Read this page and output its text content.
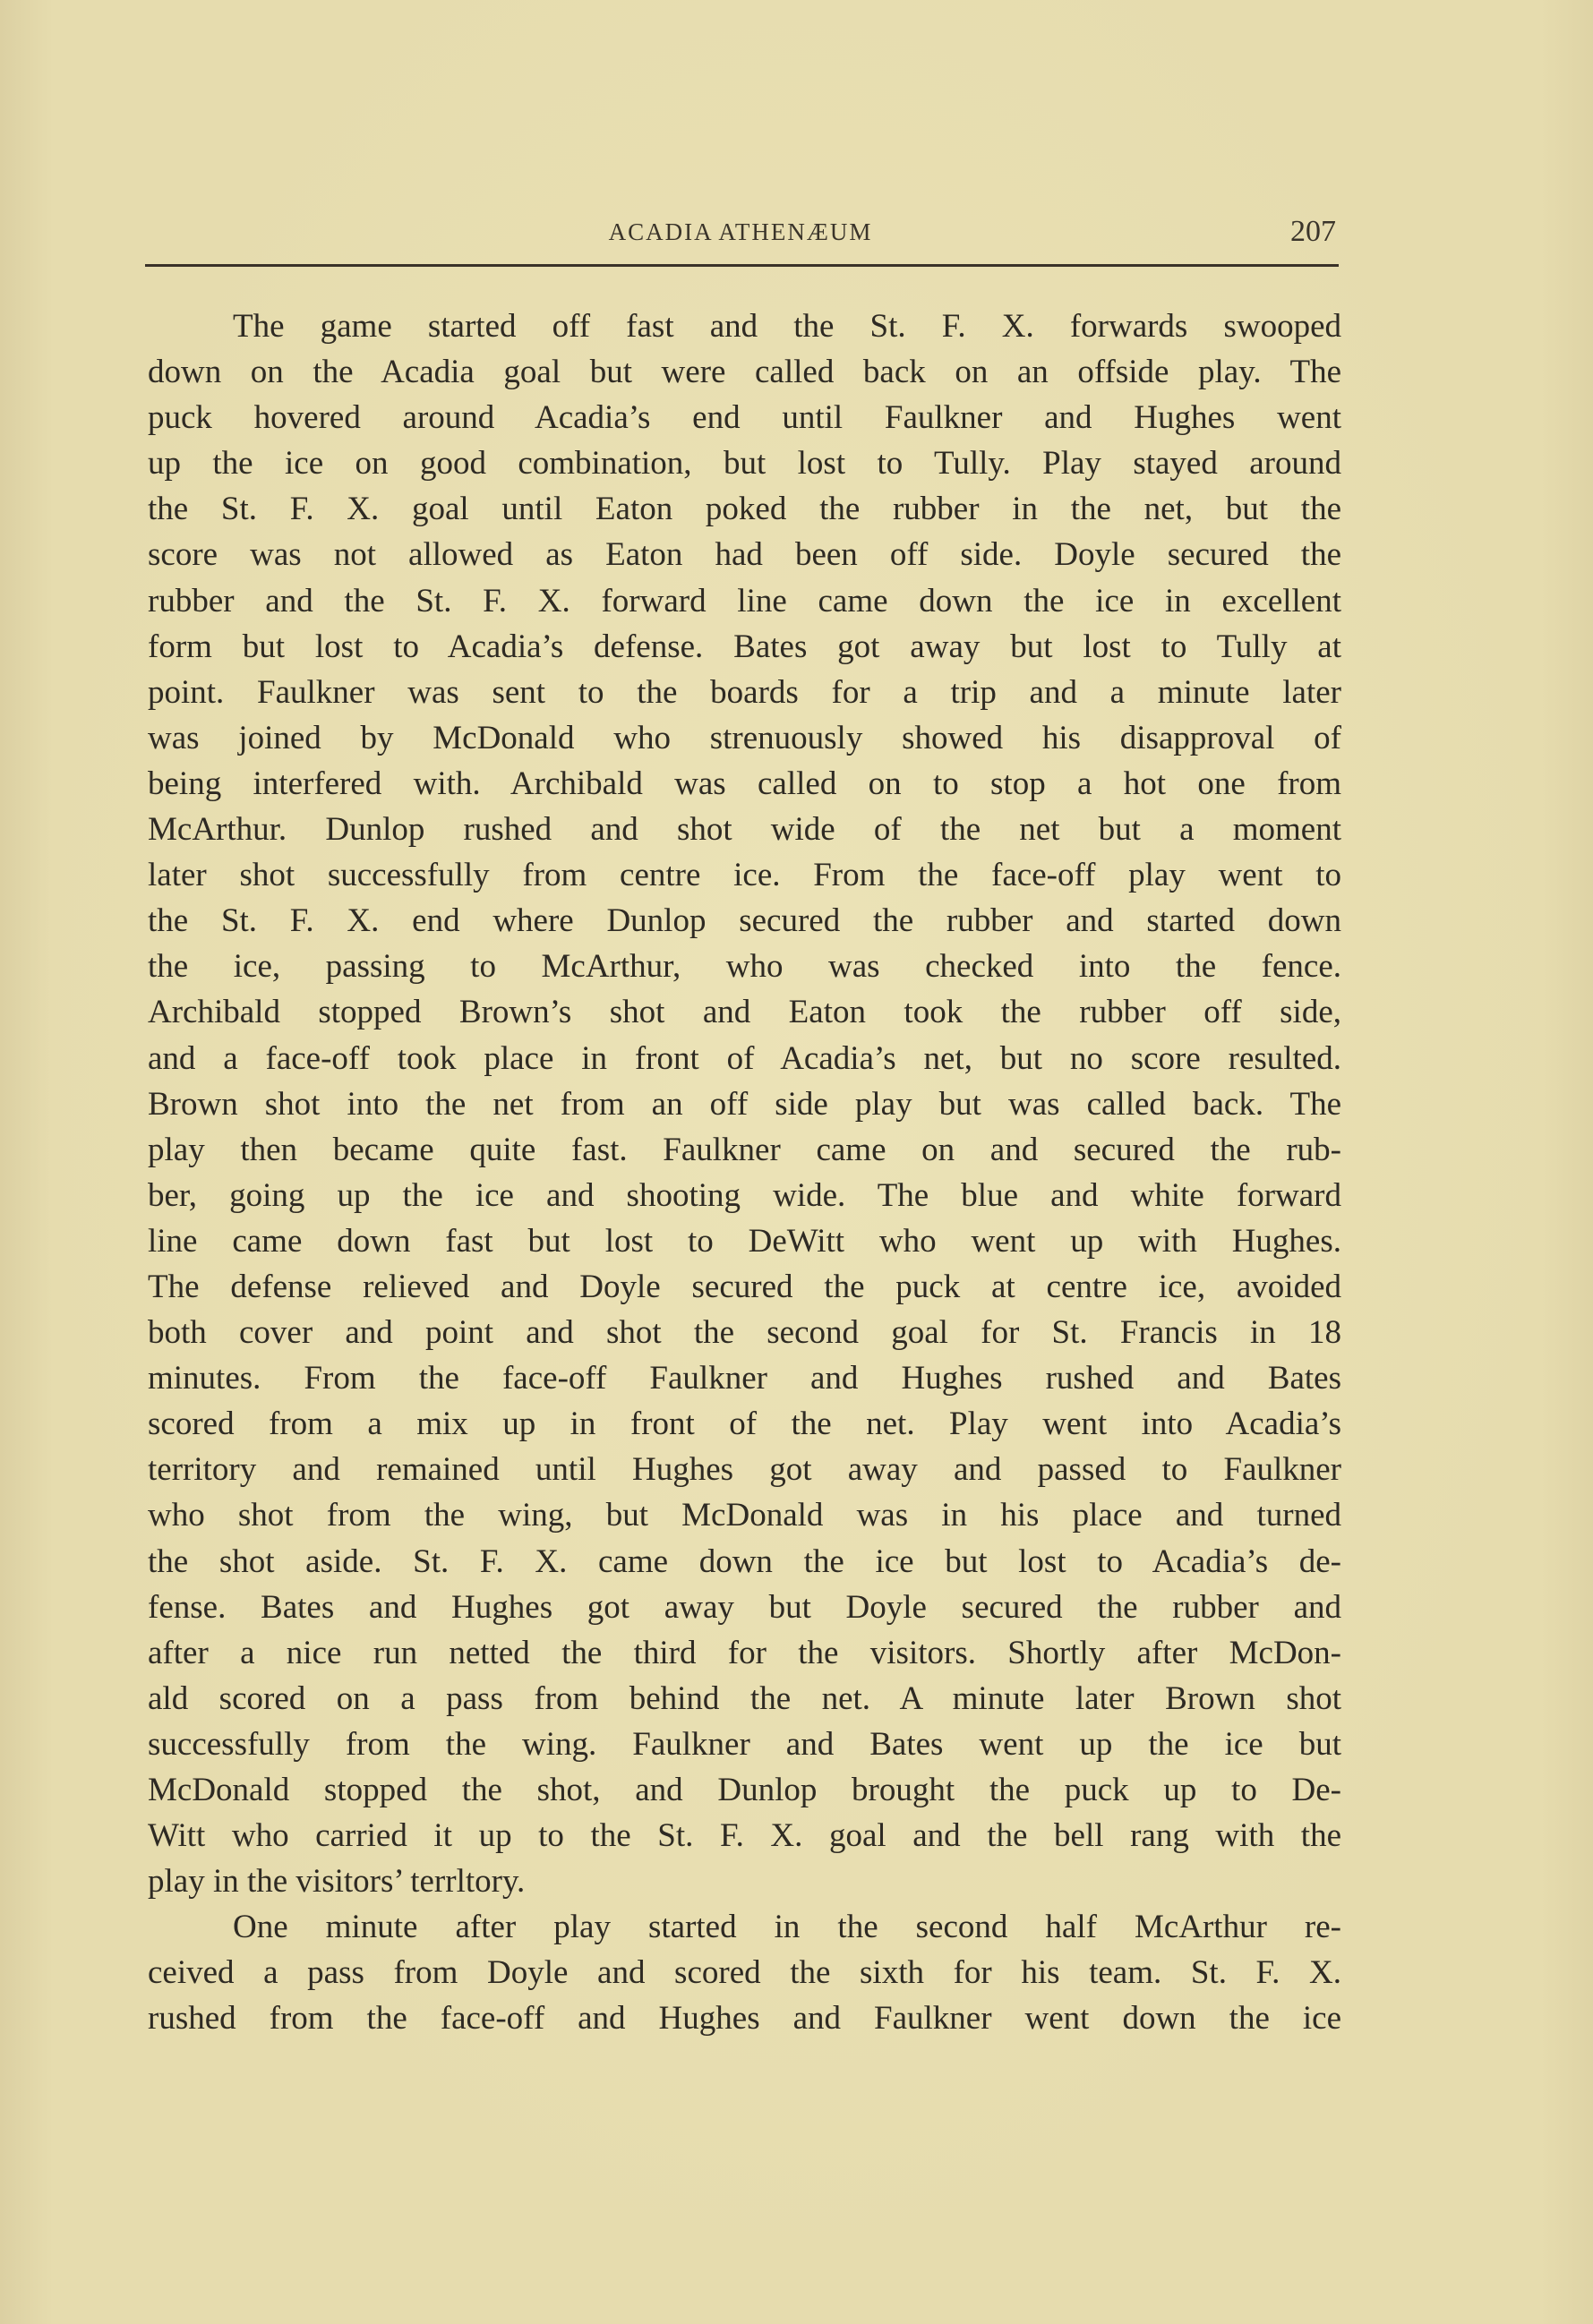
ACADIA ATHENÆUM	207
The game started off fast and the St. F. X. forwards swooped
down on the Acadia goal but were called back on an offside play. The
puck hovered around Acadia’s end until Faulkner and Hughes went
up the ice on good combination, but lost to Tully. Play stayed around
the St. F. X. goal until Eaton poked the rubber in the net, but the
score was not allowed as Eaton had been off side. Doyle secured the
rubber and the St. F. X. forward line came down the ice in excellent
form but lost to Acadia’s defense. Bates got away but lost to Tully at
point. Faulkner was sent to the boards for a trip and a minute later
was joined by McDonald who strenuously showed his disapproval of
being interfered with. Archibald was called on to stop a hot one from
McArthur. Dunlop rushed and shot wide of the net but a moment
later shot successfully from centre ice. From the face-off play went to
the St. F. X. end where Dunlop secured the rubber and started down
the ice, passing to McArthur, who was checked into the fence.
Archibald stopped Brown’s shot and Eaton took the rubber off side,
and a face-off took place in front of Acadia’s net, but no score resulted.
Brown shot into the net from an off side play but was called back. The
play then became quite fast. Faulkner came on and secured the rub-
ber, going up the ice and shooting wide. The blue and white forward
line came down fast but lost to DeWitt who went up with Hughes.
The defense relieved and Doyle secured the puck at centre ice, avoided
both cover and point and shot the second goal for St. Francis in 18
minutes. From the face-off Faulkner and Hughes rushed and Bates
scored from a mix up in front of the net. Play went into Acadia’s
territory and remained until Hughes got away and passed to Faulkner
who shot from the wing, but McDonald was in his place and turned
the shot aside. St. F. X. came down the ice but lost to Acadia’s de-
fense. Bates and Hughes got away but Doyle secured the rubber and
after a nice run netted the third for the visitors. Shortly after McDon-
ald scored on a pass from behind the net. A minute later Brown shot
successfully from the wing. Faulkner and Bates went up the ice but
McDonald stopped the shot, and Dunlop brought the puck up to De-
Witt who carried it up to the St. F. X. goal and the bell rang with the
play in the visitors’ terrltory.
One minute after play started in the second half McArthur re-
ceived a pass from Doyle and scored the sixth for his team. St. F. X.
rushed from the face-off and Hughes and Faulkner went down the ice
